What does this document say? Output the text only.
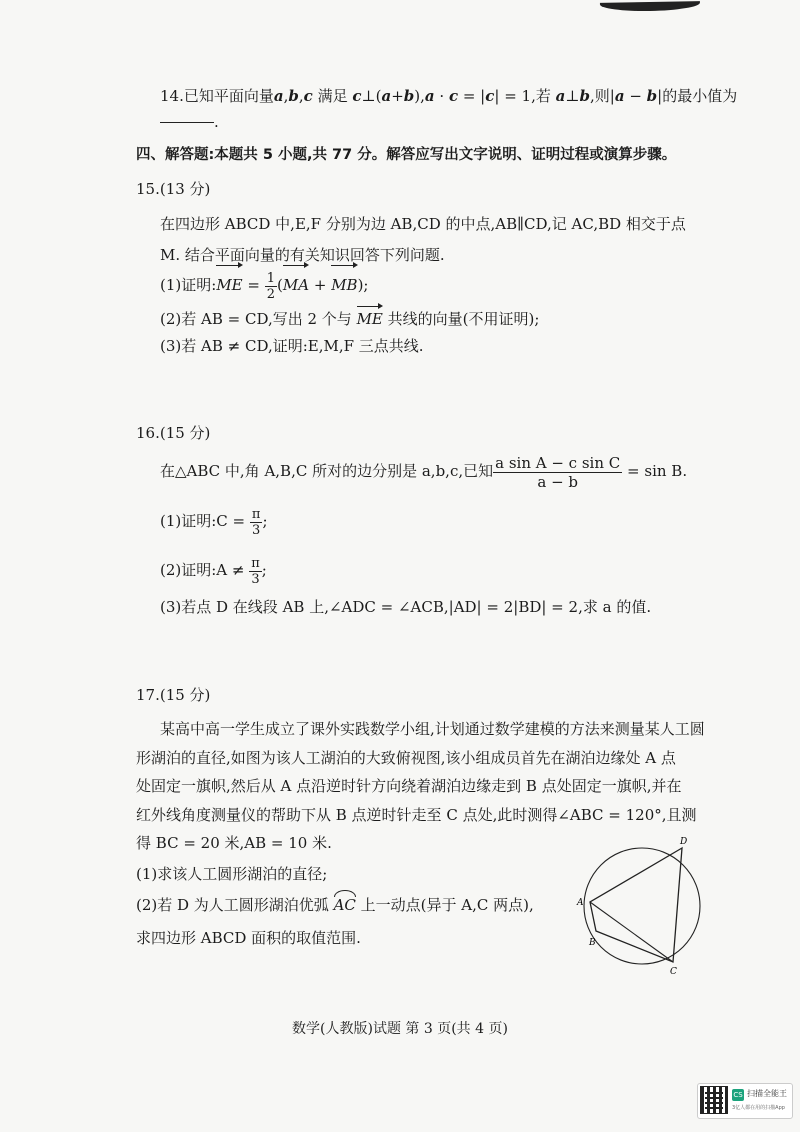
14.已知平面向量a,b,c 满足 c⊥(a+b),a · c = |c| = 1,若 a⊥b,则|a − b|的最小值为
.
四、解答题:本题共 5 小题,共 77 分。解答应写出文字说明、证明过程或演算步骤。
15.(13 分)
在四边形 ABCD 中,E,F 分别为边 AB,CD 的中点,AB∥CD,记 AC,BD 相交于点
M. 结合平面向量的有关知识回答下列问题.
(1)证明:ME = $\frac{1}{2} (MA + MB)$;
(2)若 AB = CD,写出 2 个与 ME 共线的向量(不用证明);
(3)若 AB ≠ CD,证明:E,M,F 三点共线.
16.(15 分)
在△ABC 中,角 A,B,C 所对的边分别是 a,b,c,已知 $\frac{\text{a sin A − c sin C}}{a - b} = \sin B$.
(1)证明:C = $\frac{\pi}{3}$ ;
(2)证明:A ≠ $\frac{\pi}{3}$ ;
(3)若点 D 在线段 AB 上,∠ADC = ∠ACB,|AD| = 2|BD| = 2,求 a 的值.
17.(15 分)
某高中高一学生成立了课外实践数学小组,计划通过数学建模的方法来测量某人工圆
形湖泊的直径,如图为该人工湖泊的大致俯视图,该小组成员首先在湖泊边缘处 A 点
处固定一旗帜,然后从 A 点沿逆时针方向绕着湖泊边缘走到 B 点处固定一旗帜,并在
红外线角度测量仪的帮助下从 B 点逆时针走至 C 点处,此时测得∠ABC = 120°,且测
得 BC = 20 米,AB = 10 米.
(1)求该人工圆形湖泊的直径;
(2)若 D 为人工圆形湖泊优弧 AC 上一动点(异于 A,C 两点),
求四边形 ABCD 面积的取值范围.
A
B
C
D
数学(人教版)试题 第 3 页(共 4 页)
CS 扫描全能王
3亿人都在用的扫描App
